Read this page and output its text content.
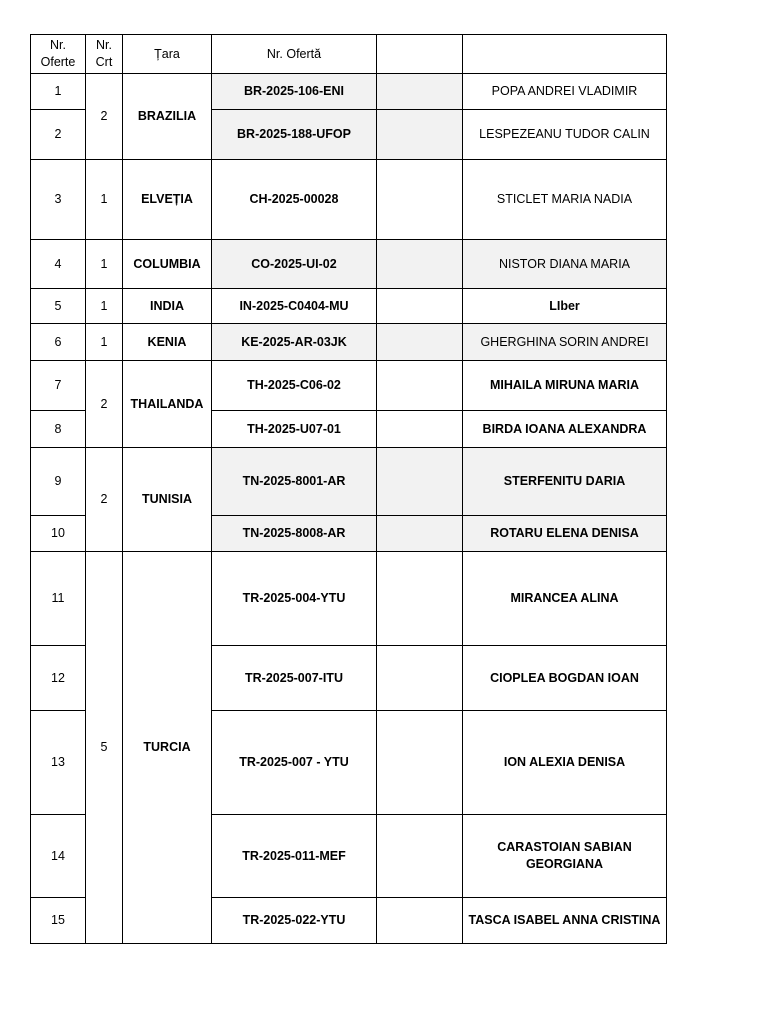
Nr. Oferte	Nr. Crt	Țara	Nr. Ofertă		
1	2	BRAZILIA	BR-2025-106-ENI		POPA ANDREI VLADIMIR
2			BR-2025-188-UFOP		LESPEZEANU TUDOR CALIN
3	1	ELVEȚIA	CH-2025-00028		STICLET MARIA NADIA
4	1	COLUMBIA	CO-2025-UI-02		NISTOR DIANA MARIA
5	1	INDIA	IN-2025-C0404-MU		LIber
6	1	KENIA	KE-2025-AR-03JK		GHERGHINA SORIN ANDREI
7	2	THAILANDA	TH-2025-C06-02		MIHAILA MIRUNA MARIA
8			TH-2025-U07-01		BIRDA IOANA ALEXANDRA
9	2	TUNISIA	TN-2025-8001-AR		STERFENITU DARIA
10			TN-2025-8008-AR		ROTARU ELENA DENISA
11	5	TURCIA	TR-2025-004-YTU		MIRANCEA ALINA
12			TR-2025-007-ITU		CIOPLEA BOGDAN IOAN
13			TR-2025-007 - YTU		ION ALEXIA DENISA
14			TR-2025-011-MEF		CARASTOIAN SABIAN GEORGIANA
15			TR-2025-022-YTU		TASCA ISABEL ANNA CRISTINA
